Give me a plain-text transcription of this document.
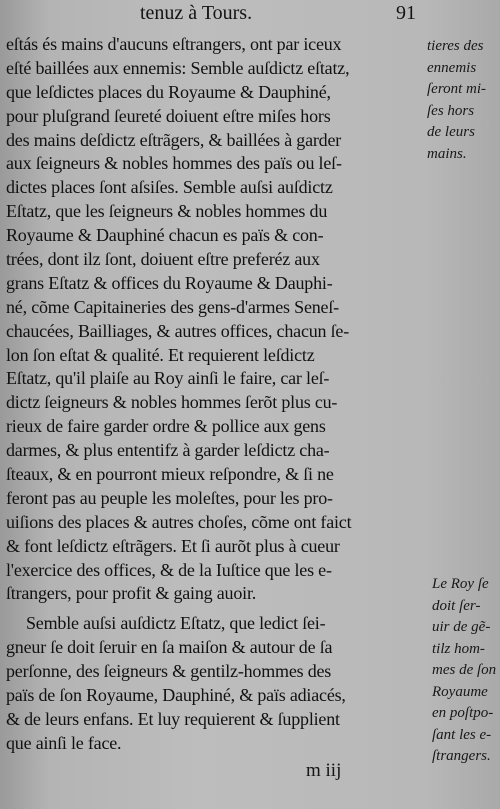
tenuz à Tours.	91
eſtás és mains d'aucuns eſtrangers, ont par iceux
eſté baillées aux ennemis: Semble auſdictz eſtatz,
que leſdictes places du Royaume & Dauphiné,
pour pluſgrand ſeureté doiuent eſtre miſes hors
des mains deſdictz eſtrãgers, & baillées à garder
aux ſeigneurs & nobles hommes des païs ou leſ-
dictes places ſont aſsiſes. Semble auſsi auſdictz
Eſtatz, que les ſeigneurs & nobles hommes du
Royaume & Dauphiné chacun es païs & con-
trées, dont ilz ſont, doiuent eſtre preferéz aux
grans Eſtatz & offices du Royaume & Dauphi-
né, cõme Capitaineries des gens-d'armes Seneſ-
chaucées, Bailliages, & autres offices, chacun ſe-
lon ſon eſtat & qualité. Et requierent leſdictz
Eſtatz, qu'il plaiſe au Roy ainſi le faire, car leſ-
dictz ſeigneurs & nobles hommes ſerõt plus cu-
rieux de faire garder ordre & pollice aux gens
darmes, & plus ententifz à garder leſdictz cha-
ſteaux, & en pourront mieux reſpondre, & ſi ne
feront pas au peuple les moleſtes, pour les pro-
uiſions des places & autres choſes, cõme ont faict
& font leſdictz eſtrãgers. Et ſi aurõt plus à cueur
l'exercice des offices, & de la Iuſtice que les e-
ſtrangers, pour profit & gaing auoir.
Semble auſsi auſdictz Eſtatz, que ledict ſei-
gneur ſe doit ſeruir en ſa maiſon & autour de ſa
perſonne, des ſeigneurs & gentilz-hommes des
païs de ſon Royaume, Dauphiné, & païs adiacés,
& de leurs enfans. Et luy requierent & ſupplient
que ainſi le face.
tieres des
ennemis
ſeront mi-
ſes hors
de leurs
mains.
Le Roy ſe
doit ſer-
uir de gẽ-
tilz hom-
mes de ſon
Royaume
en poſtpo-
ſant les e-
ſtrangers.
m iij
